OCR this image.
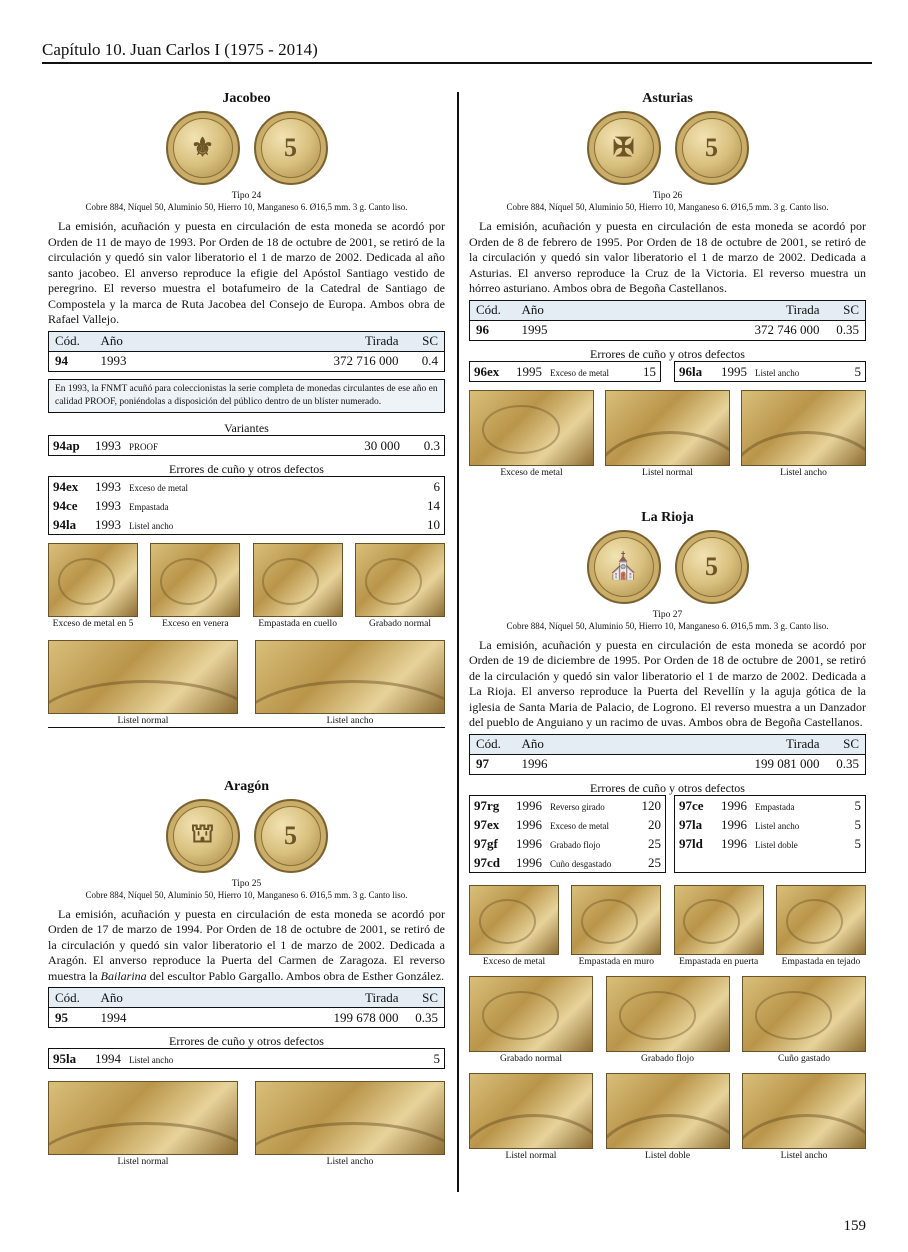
Capítulo 10. Juan Carlos I (1975 - 2014)
Jacobeo
⚜	5
Tipo 24
Cobre 884, Níquel 50, Aluminio 50, Hierro 10, Manganeso 6. Ø16,5 mm. 3 g. Canto liso.
La emisión, acuñación y puesta en circulación de esta moneda se acordó por Orden de 11 de mayo de 1993. Por Orden de 18 de octubre de 2001, se retiró de la circulación y quedó sin valor liberatorio el 1 de marzo de 2002. Dedicada al año santo jacobeo. El anverso reproduce la efigie del Apóstol Santiago vestido de peregrino. El reverso muestra el botafumeiro de la Catedral de Santiago de Compostela y la marca de Ruta Jacobea del Consejo de Europa. Ambos obra de Rafael Vallejo.
Cód.	Año	Tirada	SC
94	1993	372 716 000	0.4
En 1993, la FNMT acuñó para coleccionistas la serie completa de monedas circulantes de ese año en calidad PROOF, poniéndolas a disposición del público dentro de un blíster numerado.
Variantes
94ap	1993 PROOF	30 000	0.3
Errores de cuño y otros defectos
94ex	1993 Exceso de metal	6
94ce	1993 Empastada	14
94la	1993 Listel ancho	10
Exceso de metal en 5	Exceso en venera	Empastada en cuello	Grabado normal
Listel normal	Listel ancho
Aragón
⛫	5
Tipo 25
Cobre 884, Níquel 50, Aluminio 50, Hierro 10, Manganeso 6. Ø16,5 mm. 3 g. Canto liso.
La emisión, acuñación y puesta en circulación de esta moneda se acordó por Orden de 17 de marzo de 1994. Por Orden de 18 de octubre de 2001, se retiró de la circulación y quedó sin valor liberatorio el 1 de marzo de 2002. Dedicada a Aragón. El anverso reproduce la Puerta del Carmen de Zaragoza. El reverso muestra la Bailarina del escultor Pablo Gargallo. Ambos obra de Esther González.
Cód.	Año	Tirada	SC
95	1994	199 678 000	0.35
Errores de cuño y otros defectos
95la	1994 Listel ancho	5
Listel normal	Listel ancho
Asturias
✠	5
Tipo 26
Cobre 884, Níquel 50, Aluminio 50, Hierro 10, Manganeso 6. Ø16,5 mm. 3 g. Canto liso.
La emisión, acuñación y puesta en circulación de esta moneda se acordó por Orden de 8 de febrero de 1995. Por Orden de 18 de octubre de 2001, se retiró de la circulación y quedó sin valor liberatorio el 1 de marzo de 2002. Dedicada a Asturias. El anverso reproduce la Cruz de la Victoria. El reverso muestra un hórreo asturiano. Ambos obra de Begoña Castellanos.
Cód.	Año	Tirada	SC
96	1995	372 746 000	0.35
Errores de cuño y otros defectos
96ex	1995 Exceso de metal	15 96la	1995 Listel ancho	5
Exceso de metal	Listel normal	Listel ancho
La Rioja
⛪	5
Tipo 27
Cobre 884, Níquel 50, Aluminio 50, Hierro 10, Manganeso 6. Ø16,5 mm. 3 g. Canto liso.
La emisión, acuñación y puesta en circulación de esta moneda se acordó por Orden de 19 de diciembre de 1995. Por Orden de 18 de octubre de 2001, se retiró de la circulación y quedó sin valor liberatorio el 1 de marzo de 2002. Dedicada a La Rioja. El anverso reproduce la Puerta del Revellín y la aguja gótica de la iglesia de Santa Maria de Palacio, de Logrono. El reverso muestra a un Danzador del pueblo de Anguiano y un racimo de uvas. Ambos obra de Begoña Castellanos.
Cód.	Año	Tirada	SC
97	1996	199 081 000	0.35
Errores de cuño y otros defectos
97rg	1996 Reverso girado	120
97ex	1996 Exceso de metal	20
97gf	1996 Grabado flojo	25
97cd	1996 Cuño desgastado	25
97ce	1996 Empastada	5
97la	1996 Listel ancho	5
97ld	1996 Listel doble	5
Exceso de metal	Empastada en muro	Empastada en puerta	Empastada en tejado
Grabado normal	Grabado flojo	Cuño gastado
Listel normal	Listel doble	Listel ancho
159
